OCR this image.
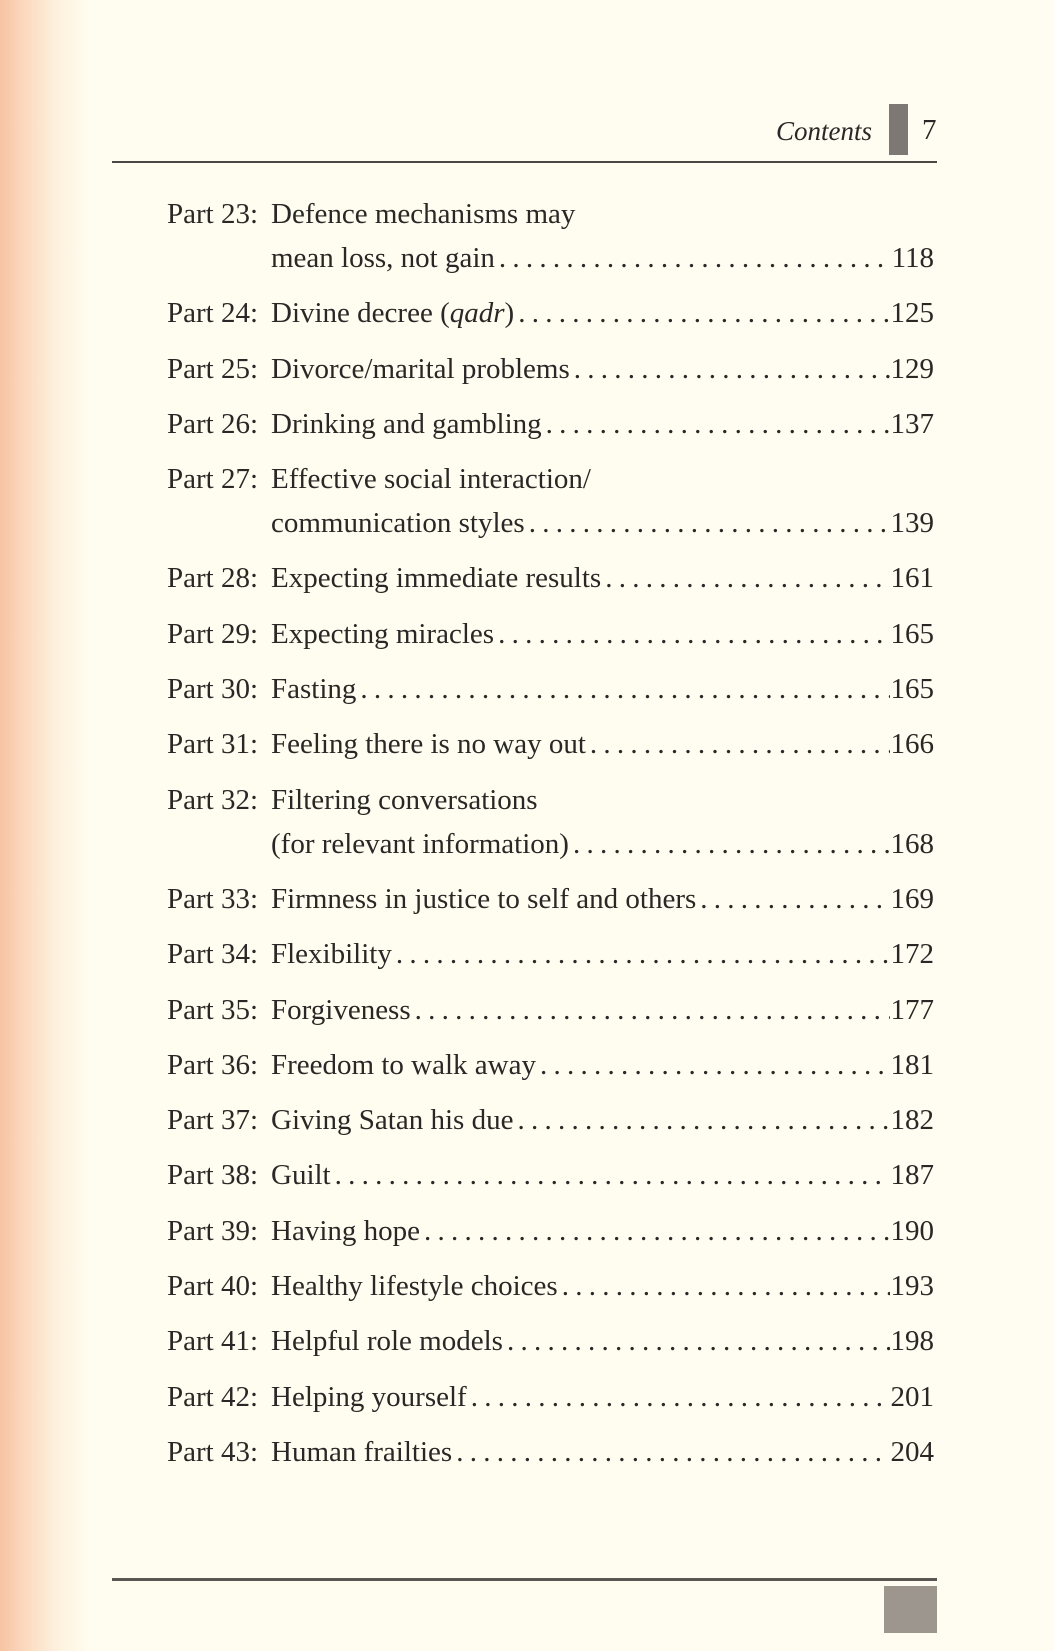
Contents 7
Part 23: Defence mechanisms may
mean loss, not gain . . .	118
Part 24: Divine decree (qadr) . . .	125
Part 25: Divorce/marital problems . . .	129
Part 26: Drinking and gambling . . .	137
Part 27: Effective social interaction/
communication styles . . .	139
Part 28: Expecting immediate results . . .	161
Part 29: Expecting miracles . . .	165
Part 30: Fasting . . .	165
Part 31: Feeling there is no way out . . .	166
Part 32: Filtering conversations
(for relevant information) . . .	168
Part 33: Firmness in justice to self and others . . .	169
Part 34: Flexibility . . .	172
Part 35: Forgiveness . . .	177
Part 36: Freedom to walk away . . .	181
Part 37: Giving Satan his due . . .	182
Part 38: Guilt . . .	187
Part 39: Having hope . . .	190
Part 40: Healthy lifestyle choices . . .	193
Part 41: Helpful role models . . .	198
Part 42: Helping yourself . . .	201
Part 43: Human frailties . . .	204
